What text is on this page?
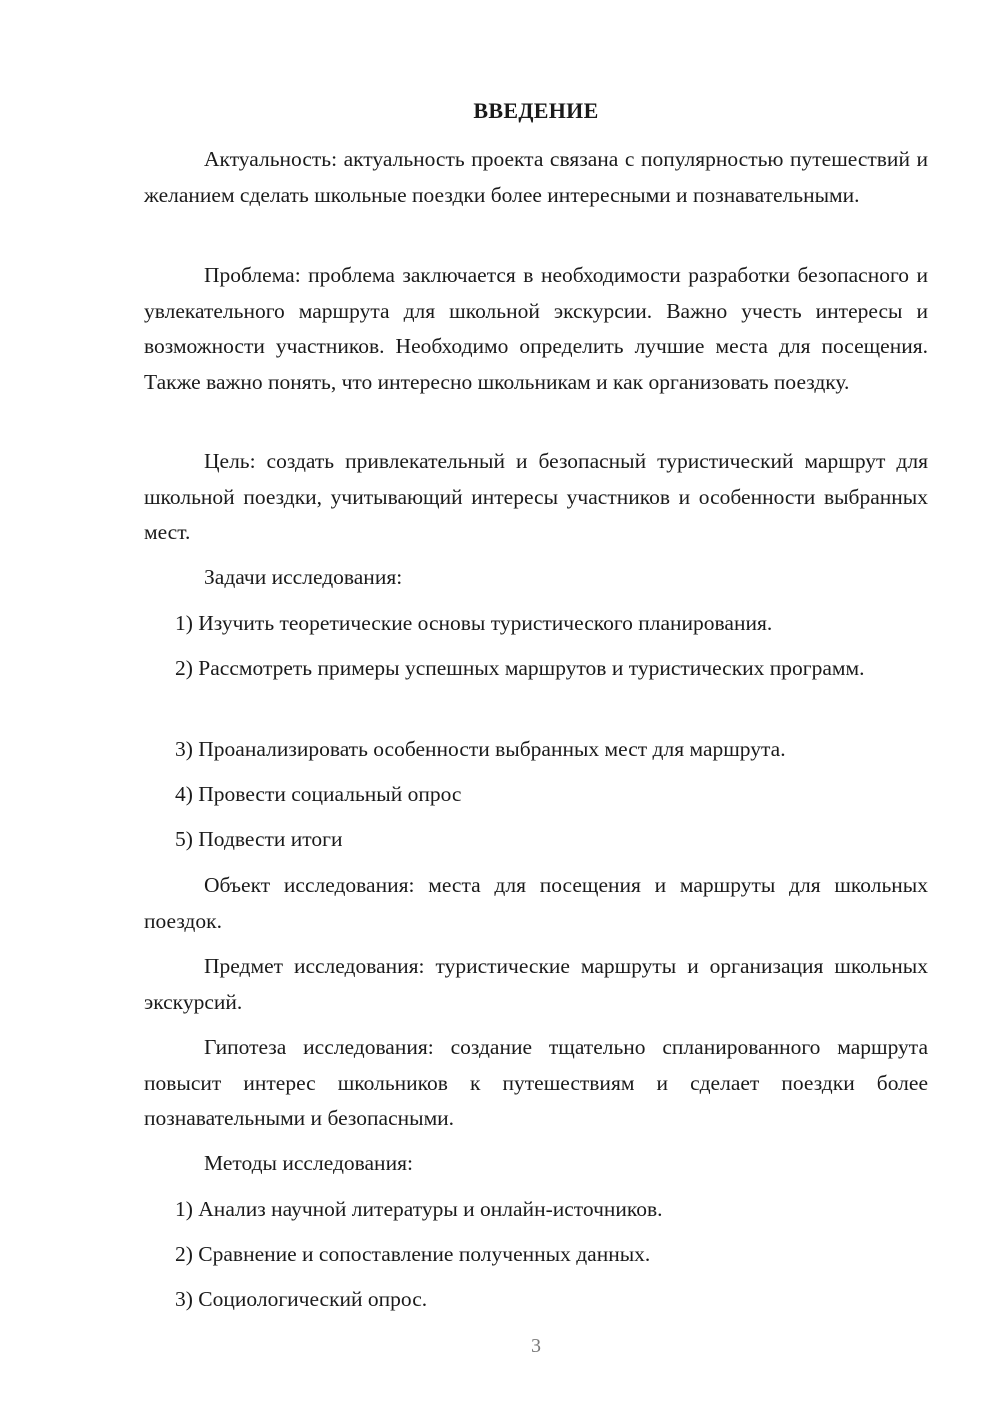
ВВЕДЕНИЕ

Актуальность: актуальность проекта связана с популярностью путешествий и желанием сделать школьные поездки более интересными и познавательными.

Проблема: проблема заключается в необходимости разработки безопасного и увлекательного маршрута для школьной экскурсии. Важно учесть интересы и возможности участников. Необходимо определить лучшие места для посещения. Также важно понять, что интересно школьникам и как организовать поездку.

Цель: создать привлекательный и безопасный туристический маршрут для школьной поездки, учитывающий интересы участников и особенности выбранных мест.

Задачи исследования:

1) Изучить теоретические основы туристического планирования.

2) Рассмотреть примеры успешных маршрутов и туристических программ.

3) Проанализировать особенности выбранных мест для маршрута.

4) Провести социальный опрос

5) Подвести итоги

Объект исследования: места для посещения и маршруты для школьных поездок.

Предмет исследования: туристические маршруты и организация школьных экскурсий.

Гипотеза исследования: создание тщательно спланированного маршрута повысит интерес школьников к путешествиям и сделает поездки более познавательными и безопасными.

Методы исследования:

1) Анализ научной литературы и онлайн-источников.

2) Сравнение и сопоставление полученных данных.

3) Социологический опрос.

3
